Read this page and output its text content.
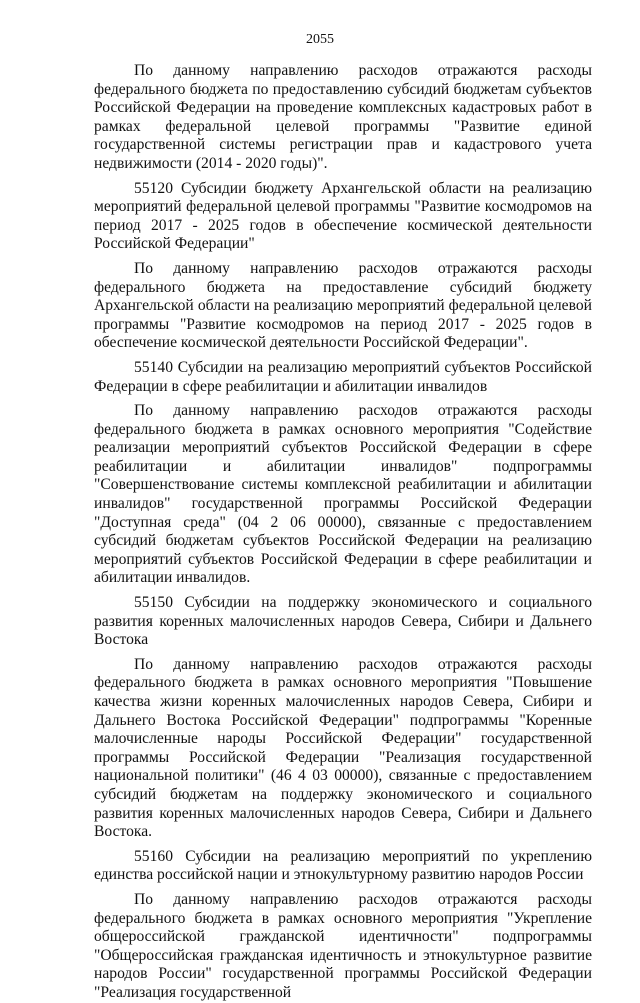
2055

По данному направлению расходов отражаются расходы федерального бюджета по предоставлению субсидий бюджетам субъектов Российской Федерации на проведение комплексных кадастровых работ в рамках федеральной целевой программы "Развитие единой государственной системы регистрации прав и кадастрового учета недвижимости (2014 - 2020 годы)".

55120 Субсидии бюджету Архангельской области на реализацию мероприятий федеральной целевой программы "Развитие космодромов на период 2017 - 2025 годов в обеспечение космической деятельности Российской Федерации"

По данному направлению расходов отражаются расходы федерального бюджета на предоставление субсидий бюджету Архангельской области на реализацию мероприятий федеральной целевой программы "Развитие космодромов на период 2017 - 2025 годов в обеспечение космической деятельности Российской Федерации".

55140 Субсидии на реализацию мероприятий субъектов Российской Федерации в сфере реабилитации и абилитации инвалидов

По данному направлению расходов отражаются расходы федерального бюджета в рамках основного мероприятия "Содействие реализации мероприятий субъектов Российской Федерации в сфере реабилитации и абилитации инвалидов" подпрограммы "Совершенствование системы комплексной реабилитации и абилитации инвалидов" государственной программы Российской Федерации "Доступная среда" (04 2 06 00000), связанные с предоставлением субсидий бюджетам субъектов Российской Федерации на реализацию мероприятий субъектов Российской Федерации в сфере реабилитации и абилитации инвалидов.

55150 Субсидии на поддержку экономического и социального развития коренных малочисленных народов Севера, Сибири и Дальнего Востока

По данному направлению расходов отражаются расходы федерального бюджета в рамках основного мероприятия "Повышение качества жизни коренных малочисленных народов Севера, Сибири и Дальнего Востока Российской Федерации" подпрограммы "Коренные малочисленные народы Российской Федерации" государственной программы Российской Федерации "Реализация государственной национальной политики" (46 4 03 00000), связанные с предоставлением субсидий бюджетам на поддержку экономического и социального развития коренных малочисленных народов Севера, Сибири и Дальнего Востока.

55160 Субсидии на реализацию мероприятий по укреплению единства российской нации и этнокультурному развитию народов России

По данному направлению расходов отражаются расходы федерального бюджета в рамках основного мероприятия "Укрепление общероссийской гражданской идентичности" подпрограммы "Общероссийская гражданская идентичность и этнокультурное развитие народов России" государственной программы Российской Федерации "Реализация государственной
